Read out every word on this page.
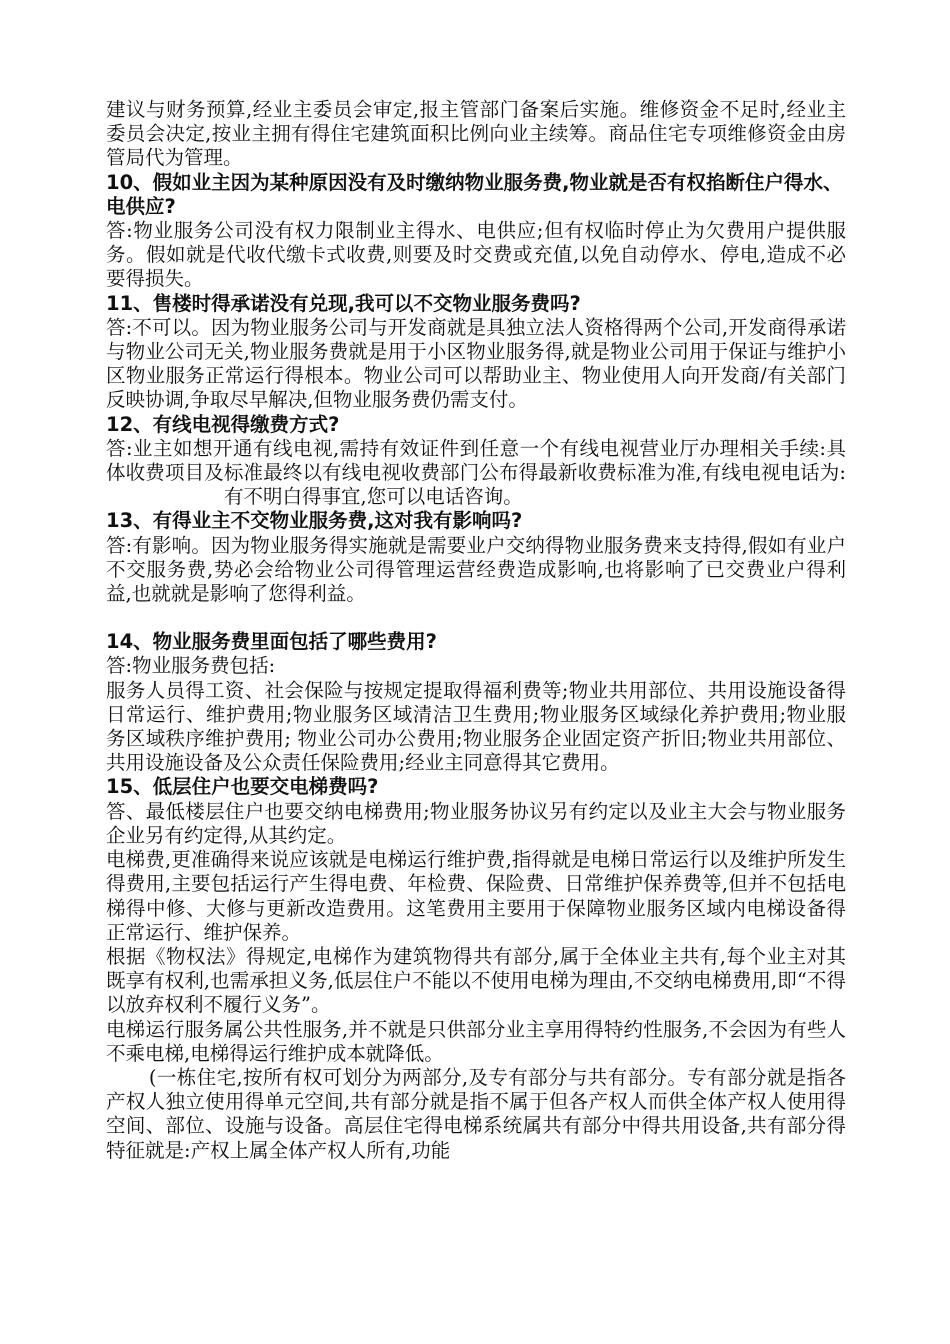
建议与财务预算,经业主委员会审定,报主管部门备案后实施。维修资金不足时,经业主委员会决定,按业主拥有得住宅建筑面积比例向业主续筹。商品住宅专项维修资金由房管局代为管理。

10、假如业主因为某种原因没有及时缴纳物业服务费,物业就是否有权掐断住户得水、电供应?

答:物业服务公司没有权力限制业主得水、电供应;但有权临时停止为欠费用户提供服务。假如就是代收代缴卡式收费,则要及时交费或充值,以免自动停水、停电,造成不必要得损失。

11、售楼时得承诺没有兑现,我可以不交物业服务费吗?

答:不可以。因为物业服务公司与开发商就是具独立法人资格得两个公司,开发商得承诺与物业公司无关,物业服务费就是用于小区物业服务得,就是物业公司用于保证与维护小区物业服务正常运行得根本。物业公司可以帮助业主、物业使用人向开发商/有关部门反映协调,争取尽早解决,但物业服务费仍需支付。

12、有线电视得缴费方式?

答:业主如想开通有线电视,需持有效证件到任意一个有线电视营业厅办理相关手续:具体收费项目及标准最终以有线电视收费部门公布得最新收费标准为准,有线电视电话为:有不明白得事宜,您可以电话咨询。

13、有得业主不交物业服务费,这对我有影响吗?

答:有影响。因为物业服务得实施就是需要业户交纳得物业服务费来支持得,假如有业户不交服务费,势必会给物业公司得管理运营经费造成影响,也将影响了已交费业户得利益,也就就是影响了您得利益。

14、物业服务费里面包括了哪些费用?

答:物业服务费包括:

服务人员得工资、社会保险与按规定提取得福利费等;物业共用部位、共用设施设备得日常运行、维护费用;物业服务区域清洁卫生费用;物业服务区域绿化养护费用;物业服务区域秩序维护费用; 物业公司办公费用;物业服务企业固定资产折旧;物业共用部位、共用设施设备及公众责任保险费用;经业主同意得其它费用。

15、低层住户也要交电梯费吗?

答、最低楼层住户也要交纳电梯费用;物业服务协议另有约定以及业主大会与物业服务企业另有约定得,从其约定。

电梯费,更准确得来说应该就是电梯运行维护费,指得就是电梯日常运行以及维护所发生得费用,主要包括运行产生得电费、年检费、保险费、日常维护保养费等,但并不包括电梯得中修、大修与更新改造费用。这笔费用主要用于保障物业服务区域内电梯设备得正常运行、维护保养。

根据《物权法》得规定,电梯作为建筑物得共有部分,属于全体业主共有,每个业主对其既享有权利,也需承担义务,低层住户不能以不使用电梯为理由,不交纳电梯费用,即“不得以放弃权利不履行义务”。

电梯运行服务属公共性服务,并不就是只供部分业主享用得特约性服务,不会因为有些人不乘电梯,电梯得运行维护成本就降低。

(一栋住宅,按所有权可划分为两部分,及专有部分与共有部分。专有部分就是指各产权人独立使用得单元空间,共有部分就是指不属于但各产权人而供全体产权人使用得空间、部位、设施与设备。高层住宅得电梯系统属共有部分中得共用设备,共有部分得特征就是:产权上属全体产权人所有,功能
